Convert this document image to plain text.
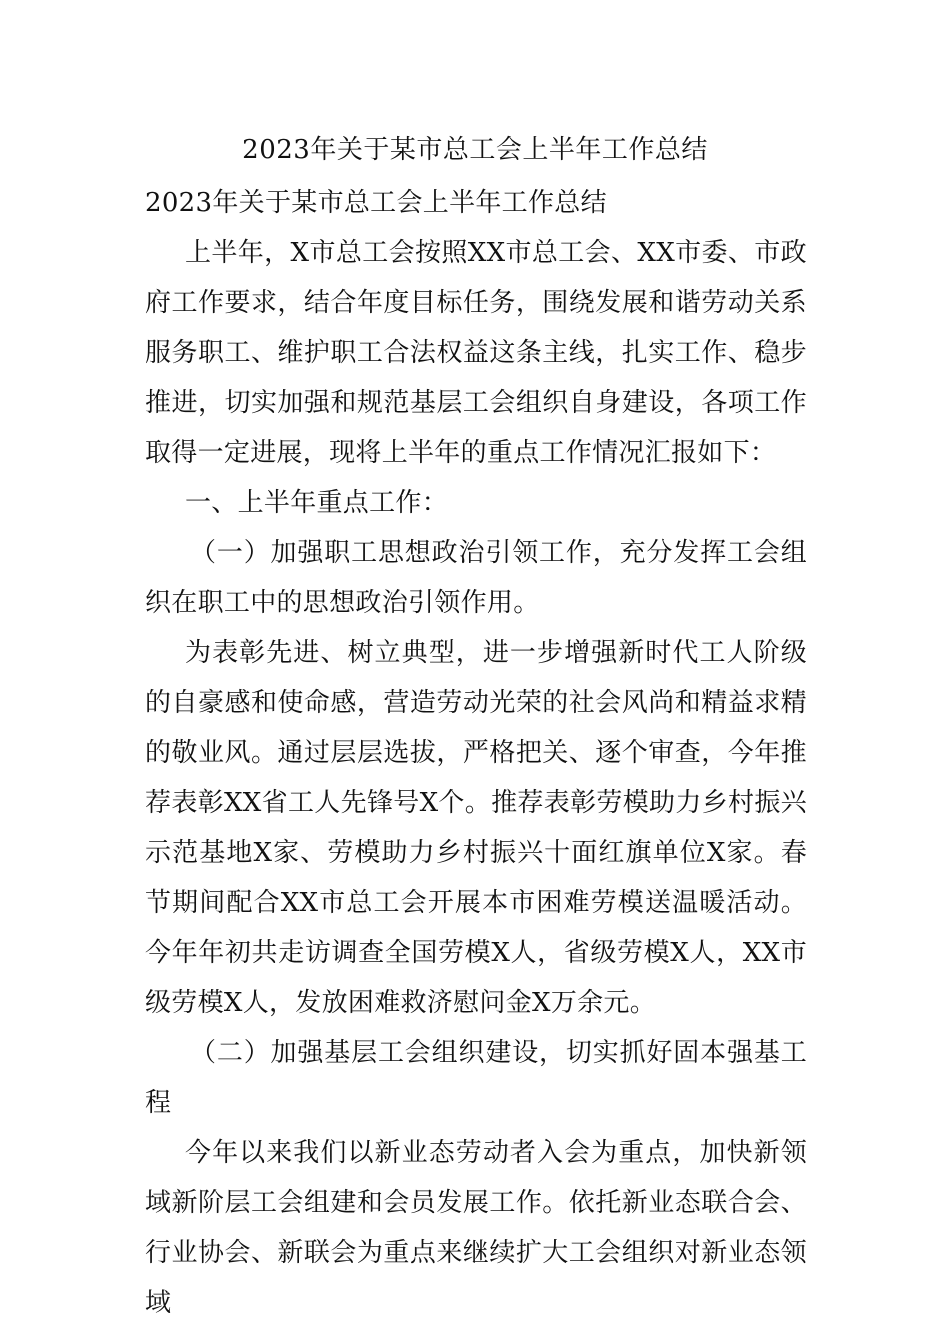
2023年关于某市总工会上半年工作总结

2023年关于某市总工会上半年工作总结

上半年，X市总工会按照XX市总工会、XX市委、市政府工作要求，结合年度目标任务，围绕发展和谐劳动关系服务职工、维护职工合法权益这条主线，扎实工作、稳步推进，切实加强和规范基层工会组织自身建设，各项工作取得一定进展，现将上半年的重点工作情况汇报如下：

一、上半年重点工作：

（一）加强职工思想政治引领工作，充分发挥工会组织在职工中的思想政治引领作用。

为表彰先进、树立典型，进一步增强新时代工人阶级的自豪感和使命感，营造劳动光荣的社会风尚和精益求精的敬业风。通过层层选拔，严格把关、逐个审查，今年推荐表彰XX省工人先锋号X个。推荐表彰劳模助力乡村振兴示范基地X家、劳模助力乡村振兴十面红旗单位X家。春节期间配合XX市总工会开展本市困难劳模送温暖活动。今年年初共走访调查全国劳模X人，省级劳模X人，XX市级劳模X人，发放困难救济慰问金X万余元。

（二）加强基层工会组织建设，切实抓好固本强基工程

今年以来我们以新业态劳动者入会为重点，加快新领域新阶层工会组建和会员发展工作。依托新业态联合会、行业协会、新联会为重点来继续扩大工会组织对新业态领域
